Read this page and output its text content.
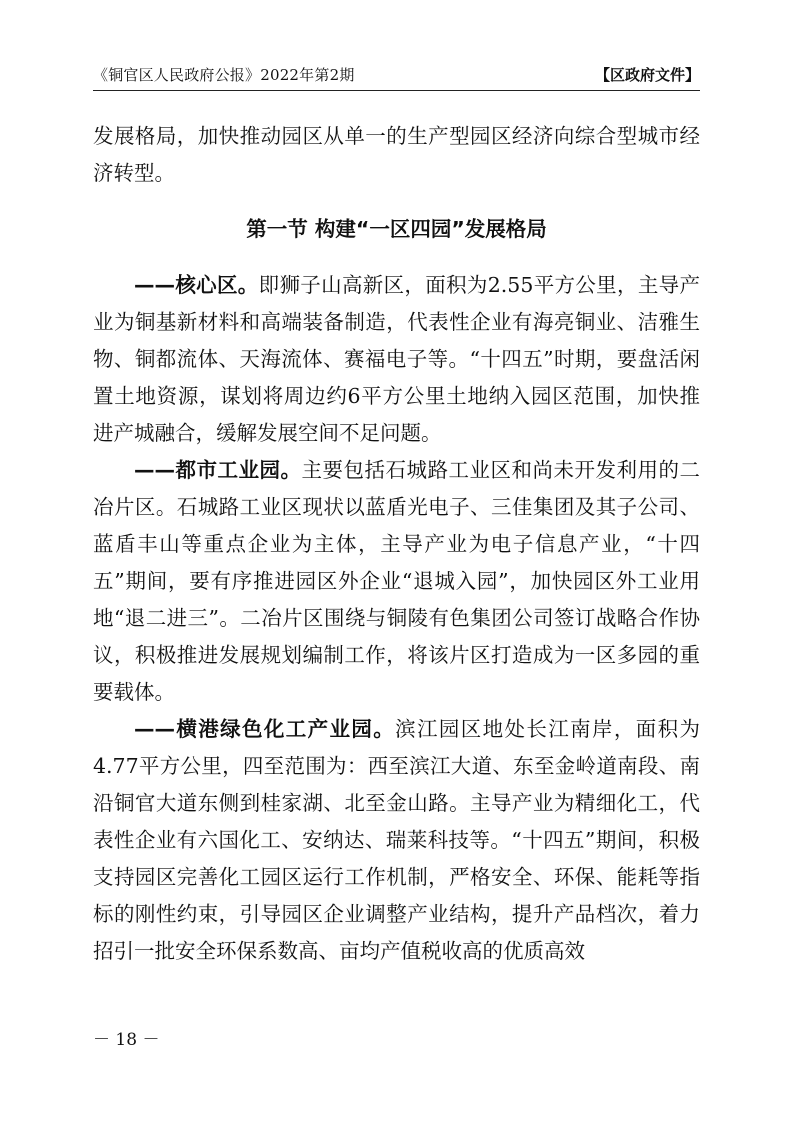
《铜官区人民政府公报》2022年第2期	【区政府文件】

发展格局，加快推动园区从单一的生产型园区经济向综合型城市经济转型。

第一节 构建“一区四园”发展格局

——核心区。即狮子山高新区，面积为2.55平方公里，主导产业为铜基新材料和高端装备制造，代表性企业有海亮铜业、洁雅生物、铜都流体、天海流体、赛福电子等。“十四五”时期，要盘活闲置土地资源，谋划将周边约6平方公里土地纳入园区范围，加快推进产城融合，缓解发展空间不足问题。

——都市工业园。主要包括石城路工业区和尚未开发利用的二冶片区。石城路工业区现状以蓝盾光电子、三佳集团及其子公司、蓝盾丰山等重点企业为主体，主导产业为电子信息产业，“十四五”期间，要有序推进园区外企业“退城入园”，加快园区外工业用地“退二进三”。二冶片区围绕与铜陵有色集团公司签订战略合作协议，积极推进发展规划编制工作，将该片区打造成为一区多园的重要载体。

——横港绿色化工产业园。滨江园区地处长江南岸，面积为4.77平方公里，四至范围为：西至滨江大道、东至金岭道南段、南沿铜官大道东侧到桂家湖、北至金山路。主导产业为精细化工，代表性企业有六国化工、安纳达、瑞莱科技等。“十四五”期间，积极支持园区完善化工园区运行工作机制，严格安全、环保、能耗等指标的刚性约束，引导园区企业调整产业结构，提升产品档次，着力招引一批安全环保系数高、亩均产值税收高的优质高效

－ 18 －
